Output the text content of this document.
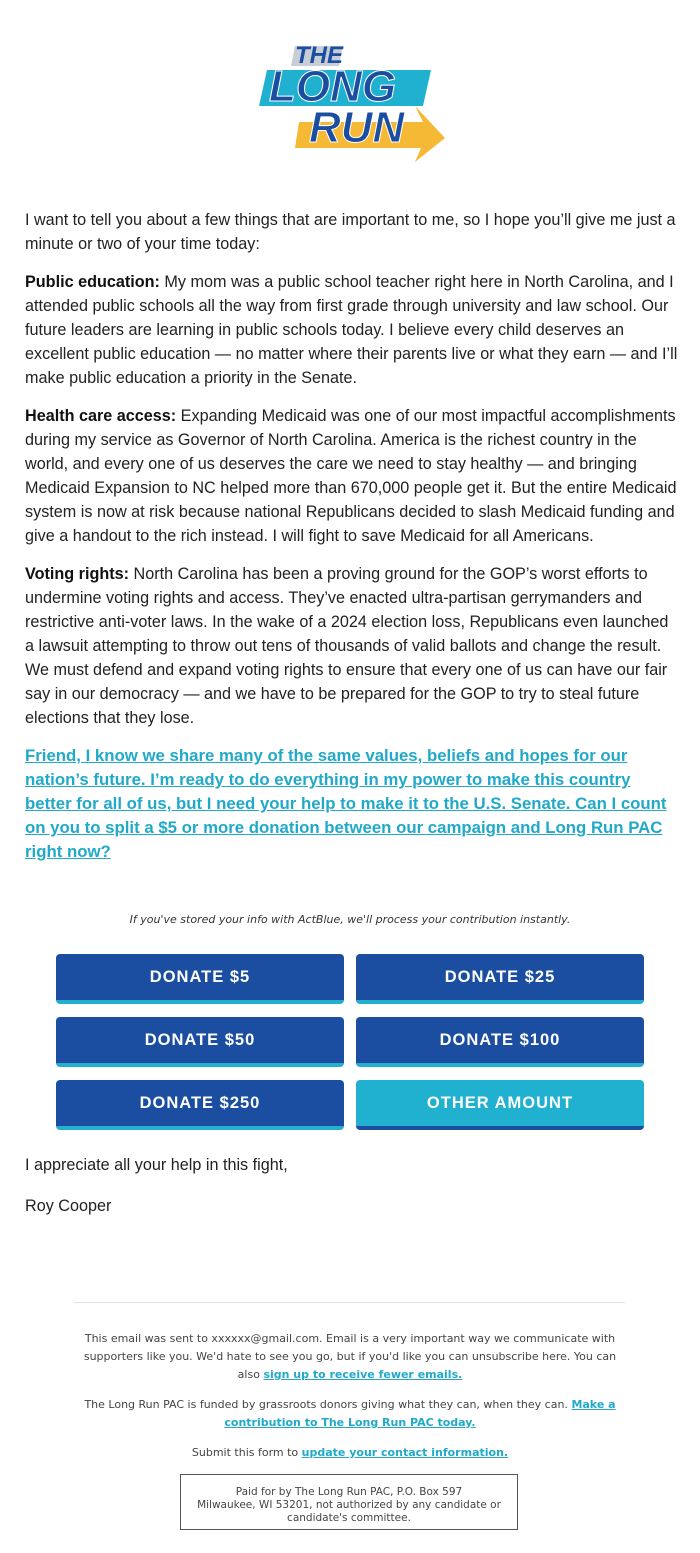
THE
LONG
RUN

I want to tell you about a few things that are important to me, so I hope you’ll give me just a minute or two of your time today:

Public education: My mom was a public school teacher right here in North Carolina, and I attended public schools all the way from first grade through university and law school. Our future leaders are learning in public schools today. I believe every child deserves an excellent public education — no matter where their parents live or what they earn — and I’ll make public education a priority in the Senate.

Health care access: Expanding Medicaid was one of our most impactful accomplishments during my service as Governor of North Carolina. America is the richest country in the world, and every one of us deserves the care we need to stay healthy — and bringing Medicaid Expansion to NC helped more than 670,000 people get it. But the entire Medicaid system is now at risk because national Republicans decided to slash Medicaid funding and give a handout to the rich instead. I will fight to save Medicaid for all Americans.

Voting rights: North Carolina has been a proving ground for the GOP’s worst efforts to undermine voting rights and access. They’ve enacted ultra-partisan gerrymanders and restrictive anti-voter laws. In the wake of a 2024 election loss, Republicans even launched a lawsuit attempting to throw out tens of thousands of valid ballots and change the result. We must defend and expand voting rights to ensure that every one of us can have our fair say in our democracy — and we have to be prepared for the GOP to try to steal future elections that they lose.

Friend, I know we share many of the same values, beliefs and hopes for our nation’s future. I’m ready to do everything in my power to make this country better for all of us, but I need your help to make it to the U.S. Senate. Can I count on you to split a $5 or more donation between our campaign and Long Run PAC right now?
If you've stored your info with ActBlue, we'll process your contribution instantly.
DONATE $5	DONATE $25
DONATE $50	DONATE $100
DONATE $250	OTHER AMOUNT
I appreciate all your help in this fight,
Roy Cooper
This email was sent to xxxxxx@gmail.com. Email is a very important way we communicate with supporters like you. We'd hate to see you go, but if you'd like you can unsubscribe here. You can also sign up to receive fewer emails.
The Long Run PAC is funded by grassroots donors giving what they can, when they can. Make a contribution to The Long Run PAC today.
Submit this form to update your contact information.
Paid for by The Long Run PAC, P.O. Box 597
Milwaukee, WI 53201, not authorized by any candidate or candidate's committee.
